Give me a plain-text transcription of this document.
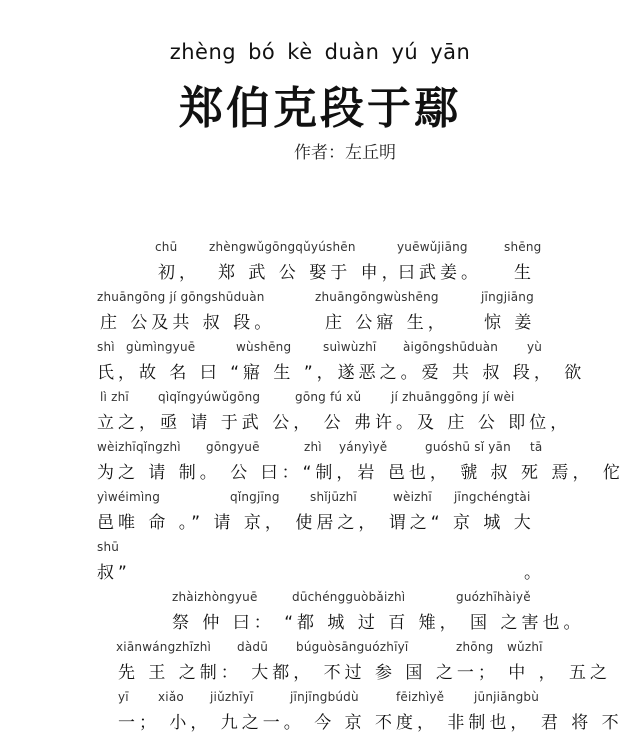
zhèng bó kè duàn yú yān
郑伯克段于鄢
作者：左丘明
chū	zhèngwǔgōngqǔyúshēn	yuēwǔjiāng	shēng
初， 郑 武 公 娶于 申，
曰武姜。 生
zhuāngōng jí gōngshūduàn	zhuāngōngwùshēng	jīngjiāng
庄 公及共 叔 段。	庄 公寤 生， 惊 姜
shì gùmìngyuē	wùshēng	suìwùzhī àigōngshūduàn yù
氏，故 名 曰 “寤 生 ”，遂恶之。爱 共 叔 段， 欲
lì zhī qìqǐngyúwǔgōng	gōng fú xǔ jí zhuānggōng jí wèi
立之，亟 请 于武 公， 公 弗许。及 庄 公 即位，
wèizhīqǐngzhì gōngyuē	zhì yányìyě	guóshū sǐ yān tā
为之 请 制。 公 曰：“制，岩 邑也， 虢 叔 死 焉， 佗
yìwéimìng	qǐngjīng	shǐjūzhī	wèizhī jīngchéngtài
邑唯 命 。” 请 京， 使居之， 谓之“ 京 城 大
shū
叔”	。
zhàizhòngyuē	dūchéngguòbǎizhì	guózhīhàiyě
祭 仲 曰： “都 城 过 百 雉， 国 之害也。
xiānwángzhīzhì dàdū búguòsānguózhīyī	zhōng wǔzhī
先 王 之制： 大都， 不过 参 国 之一； 中 ， 五之
yī xiǎo jiǔzhīyī	jīnjīngbúdù	fēizhìyě jūnjiāngbù
一； 小， 九之一。 今 京 不度， 非制也， 君 将 不
